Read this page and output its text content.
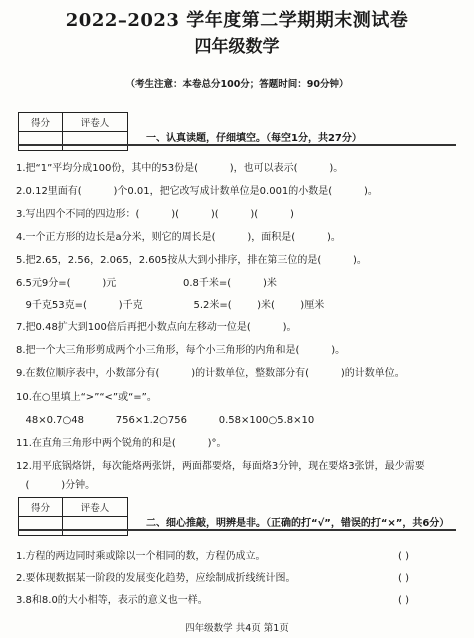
2022–2023 学年度第二学期期末测试卷
四年级数学
（考生注意：本卷总分100分；答题时间：90分钟）
得分	评卷人

一、认真读题，仔细填空。（每空1分，共27分）
1.把“1”平均分成100份，其中的53份是(          )，也可以表示(          )。
2.0.12里面有(          )个0.01，把它改写成计数单位是0.001的小数是(          )。
3.写出四个不同的四边形：(          )(          )(          )(          )
4.一个正方形的边长是a分米，则它的周长是(          )，面积是(          )。
5.把2.65，2.56，2.065，2.605按从大到小排序，排在第三位的是(          )。
6.5元9分=(          )元                     0.8千米=(          )米
9千克53克=(          )千克                5.2米=(        )米(        )厘米
7.把0.48扩大到100倍后再把小数点向左移动一位是(          )。
8.把一个大三角形剪成两个小三角形，每个小三角形的内角和是(          )。
9.在数位顺序表中，小数部分有(          )的计数单位，整数部分有(          )的计数单位。
10.在○里填上“>”“<”或“=”。
48×0.7○48          756×1.2○756          0.58×100○5.8×10
11.在直角三角形中两个锐角的和是(          )°。
12.用平底锅烙饼，每次能烙两张饼，两面都要烙，每面烙3分钟，现在要烙3张饼，最少需要
(          )分钟。
得分	评卷人

二、细心推敲，明辨是非。（正确的打“√”，错误的打“×”，共6分）
1.方程的两边同时乘或除以一个相同的数，方程仍成立。	( )
2.要体现数据某一阶段的发展变化趋势，应绘制成折线统计图。	( )
3.8和8.0的大小相等，表示的意义也一样。	( )
四年级数学 共4页 第1页
